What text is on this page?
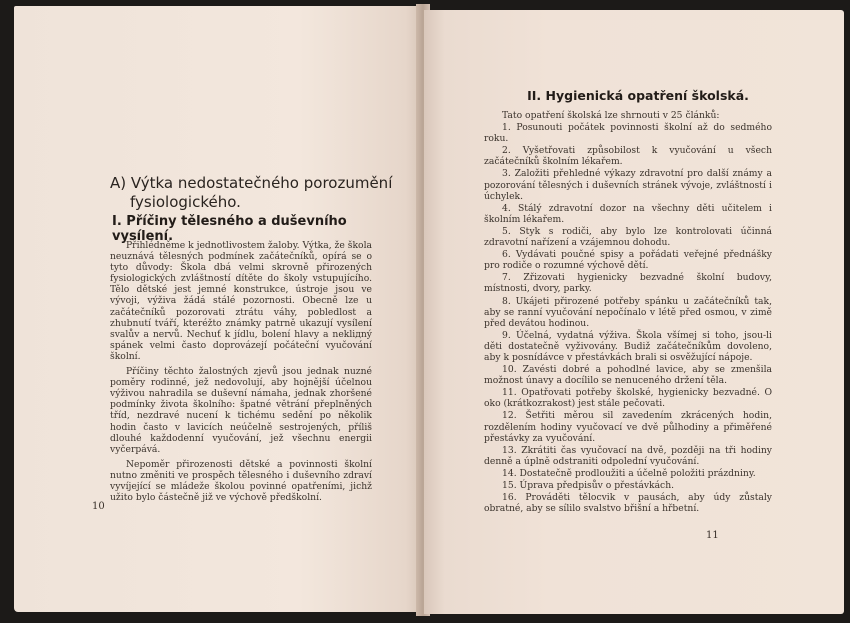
A) Výtka nedostatečného porozumění
fysiologického.
I. Příčiny tělesného a duševního vysílení.

Přihlédněme k jednotlivostem žaloby. Výtka, že škola neuznává tělesných podmínek začátečníků, opírá se o tyto důvody: Škola dbá velmi skrovně přirozených fysiologických zvláštností dítěte do školy vstupujícího. Tělo dětské jest jemné konstrukce, ústroje jsou ve vývoji, výživa žádá stálé pozornosti. Obecně lze u začátečníků pozorovati ztrátu váhy, pobledlost a zhubnutí tváří, kteréžto známky patrně ukazují vysílení svalův a nervů. Nechuť k jídlu, bolení hlavy a nekliдný spánek velmi často doprovázejí počáteční vyučování školní.

Příčiny těchto žalostných zjevů jsou jednak nuzné poměry rodinné, jež nedovolují, aby hojnější účelnou výživou nahradila se duševní námaha, jednak zhoršené podmínky života školního: špatné větrání přeplněných tříd, nezdravé nucení k tichému sedění po několik hodin často v lavicích neúčelně sestrojených, příliš dlouhé každodenní vyučování, jež všechnu energii vyčerpává.

Nepoměr přirozenosti dětské a povinnosti školní nutno změniti ve prospěch tělesného i duševního zdraví vyvíjející se mládeže školou povinné opatřeními, jichž užito bylo částečně již ve výchově předškolní.

10
II. Hygienická opatření školská.

Tato opatření školská lze shrnouti v 25 článků:

1. Posunouti počátek povinnosti školní až do sedmého roku.

2. Vyšetřovati způsobilost k vyučování u všech začátečníků školním lékařem.

3. Založiti přehledné výkazy zdravotní pro další známy a pozorování tělesných i duševních stránek vývoje, zvláštností i úchylek.

4. Stálý zdravotní dozor na všechny děti učitelem i školním lékařem.

5. Styk s rodiči, aby bylo lze kontrolovati účinná zdravotní nařízení a vzájemnou dohodu.

6. Vydávati poučné spisy a pořádati veřejné přednášky pro rodiče o rozumné výchově dětí.

7. Zřizovati hygienicky bezvadné školní budovy, místnosti, dvory, parky.

8. Ukájeti přirozené potřeby spánku u začátečníků tak, aby se ranní vyučování nepočínalo v létě před osmou, v zimě před devátou hodinou.

9. Účelná, vydatná výživa. Škola všímej si toho, jsou-li děti dostatečně vyživovány. Budiž začátečníkům dovoleno, aby k posnídávce v přestávkách brali si osvěžující nápoje.

10. Zavésti dobré a pohodlné lavice, aby se zmenšila možnost únavy a docílilo se nenuceného držení těla.

11. Opatřovati potřeby školské, hygienicky bezvadné. O oko (krátkozrakost) jest stále pečovati.

12. Šetřiti měrou sil zavedením zkrácených hodin, rozdělením hodiny vyučovací ve dvě půlhodiny a přiměřené přestávky za vyučování.

13. Zkrátiti čas vyučovací na dvě, později na tři hodiny denně a úplně odstraniti odpolední vyučování.

14. Dostatečně prodloužiti a účelně položiti prázdniny.

15. Úprava předpisův o přestávkách.

16. Prováděti tělocvik v pausách, aby údy zůstaly obratné, aby se sílilo svalstvo břišní a hřbetní.

11
